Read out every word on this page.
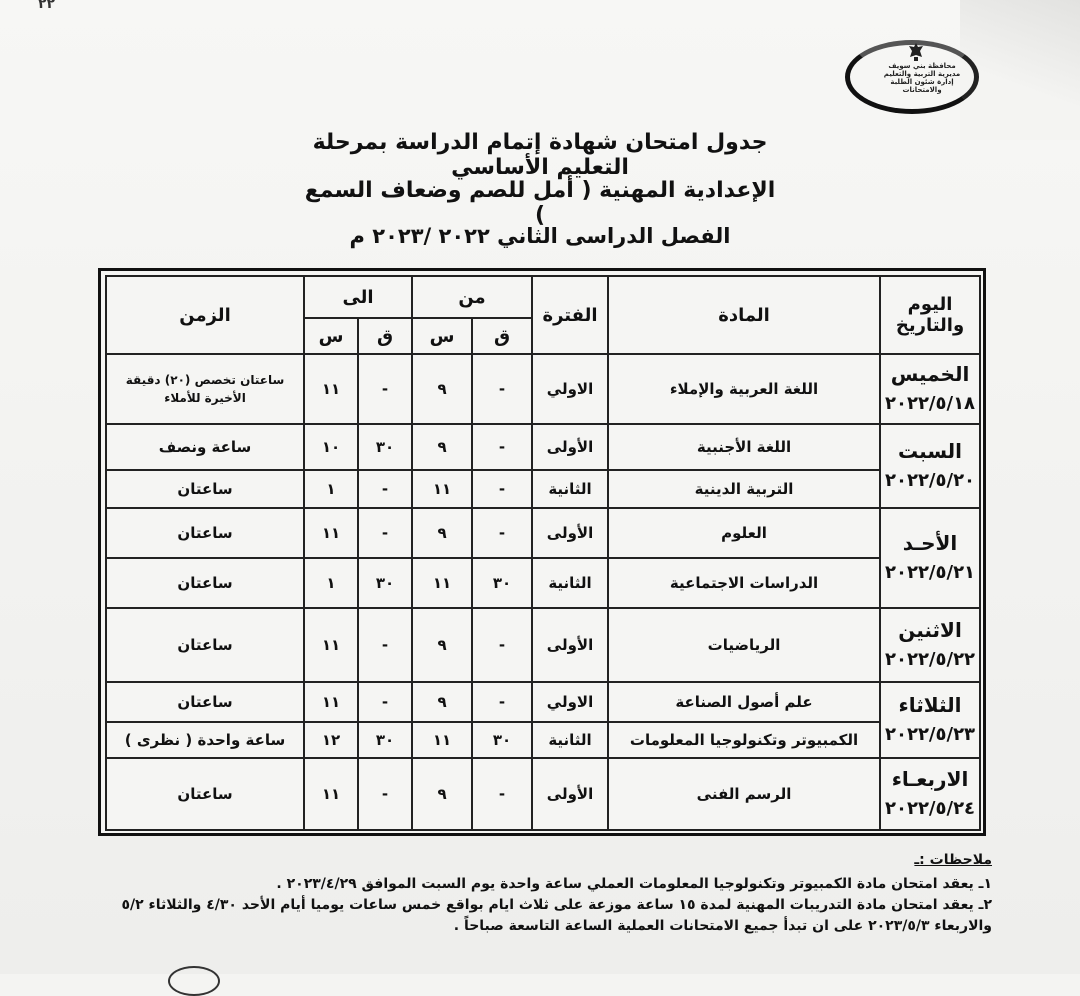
٢٢
محافظة بني سويف
مديرية التربية والتعليم
إدارة شئون الطلبة والامتحانات
جدول امتحان شهادة إتمام الدراسة بمرحلة التعليم الأساسي
الإعدادية المهنية ( أمل للصم وضعاف السمع )
الفصل الدراسى الثاني ٢٠٢٢ /٢٠٢٣ م
اليوم
والتاريخ	المادة	الفترة	من		الى		الزمن
			ق	س	ق	س	

الخميس
٢٠٢٢/٥/١٨	اللغة العربية والإملاء	الاولي	-	٩	-	١١	ساعتان تخصص (٢٠) دقيقة الأخيرة للأملاء

السبت
٢٠٢٢/٥/٢٠	اللغة الأجنبية	الأولى	-	٩	٣٠	١٠	ساعة ونصف
	التربية الدينية	الثانية	-	١١	-	١	ساعتان

الأحـد
٢٠٢٢/٥/٢١	العلوم	الأولى	-	٩	-	١١	ساعتان
	الدراسات الاجتماعية	الثانية	٣٠	١١	٣٠	١	ساعتان

الاثنين
٢٠٢٢/٥/٢٢	الرياضيات	الأولى	-	٩	-	١١	ساعتان

الثلاثاء
٢٠٢٢/٥/٢٣	علم أصول الصناعة	الاولي	-	٩	-	١١	ساعتان
	الكمبيوتر وتكنولوجيا المعلومات	الثانية	٣٠	١١	٣٠	١٢	ساعة واحدة ( نظرى )

الاربعـاء
٢٠٢٢/٥/٢٤	الرسم الفنى	الأولى	-	٩	-	١١	ساعتان
ملاحظات :ـ
١ـ يعقد امتحان مادة الكمبيوتر وتكنولوجيا المعلومات العملي ساعة واحدة يوم السبت الموافق ٢٠٢٣/٤/٢٩ .
٢ـ يعقد امتحان مادة التدريبات المهنية لمدة ١٥ ساعة موزعة على ثلاث ايام بواقع خمس ساعات يوميا أيام الأحد ٤/٣٠ والثلاثاء ٥/٢
والاربعاء ٢٠٢٣/٥/٣ على ان تبدأ جميع الامتحانات العملية الساعة التاسعة صباحاً .
